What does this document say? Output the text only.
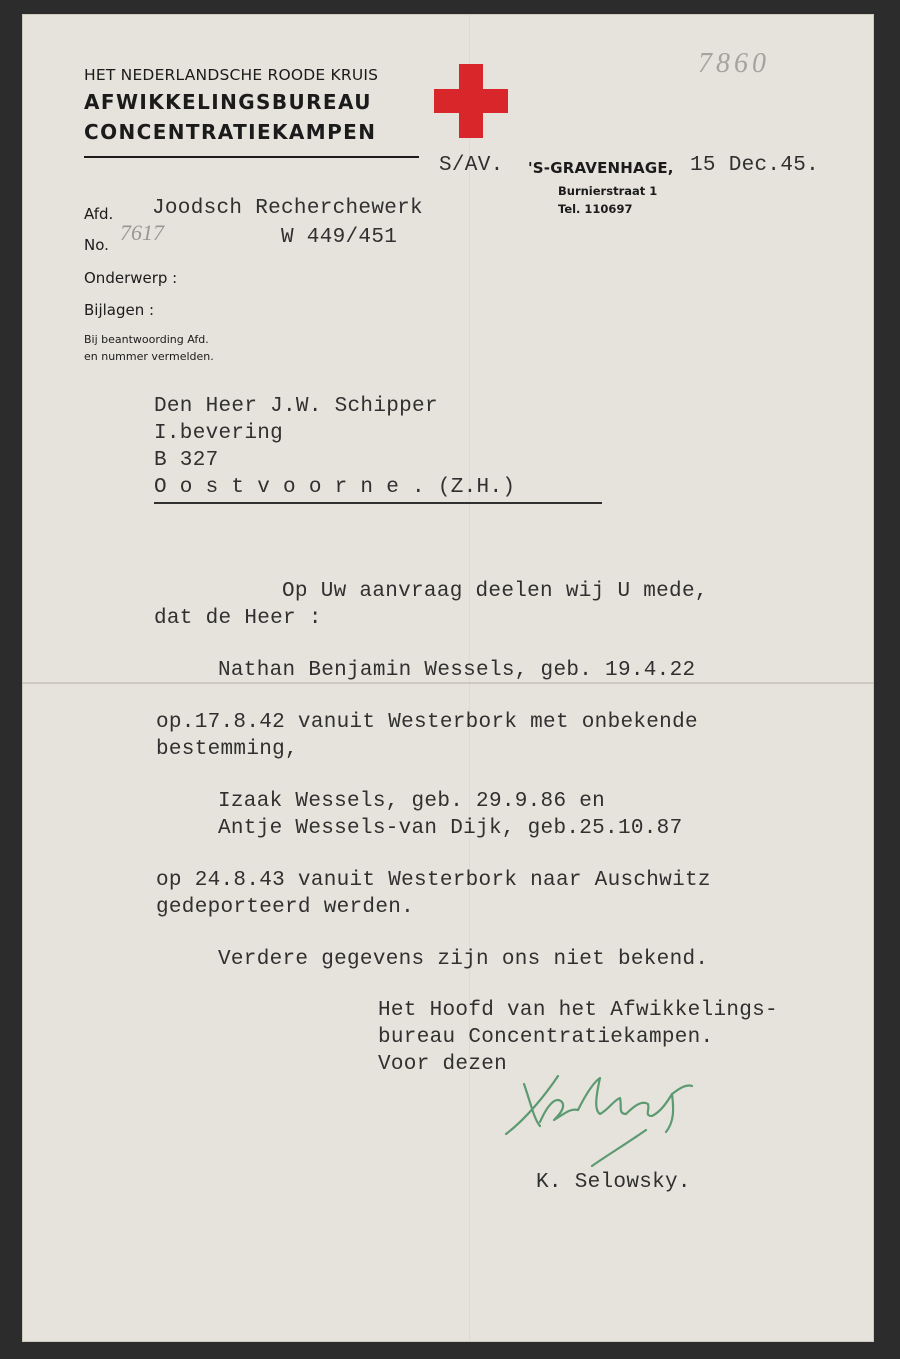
HET NEDERLANDSCHE ROODE KRUIS
AFWIKKELINGSBUREAU
CONCENTRATIEKAMPEN
7860
S/AV. 'S-GRAVENHAGE, 15 Dec.45.
Burnierstraat 1
Tel. 110697
Afd. Joodsch Recherchewerk
No. 7617	W 449/451
Onderwerp :
Bijlagen :
Bij beantwoording Afd.
en nummer vermelden.
Den Heer J.W. Schipper
I.bevering
B 327
O o s t v o o r n e . (Z.H.)
Op Uw aanvraag deelen wij U mede,
dat de Heer :
Nathan Benjamin Wessels, geb. 19.4.22
op.17.8.42 vanuit Westerbork met onbekende
bestemming,
Izaak Wessels, geb. 29.9.86 en
Antje Wessels-van Dijk, geb.25.10.87
op 24.8.43 vanuit Westerbork naar Auschwitz
gedeporteerd werden.
Verdere gegevens zijn ons niet bekend.
Het Hoofd van het Afwikkelings-
bureau Concentratiekampen.
Voor dezen
K. Selowsky.
